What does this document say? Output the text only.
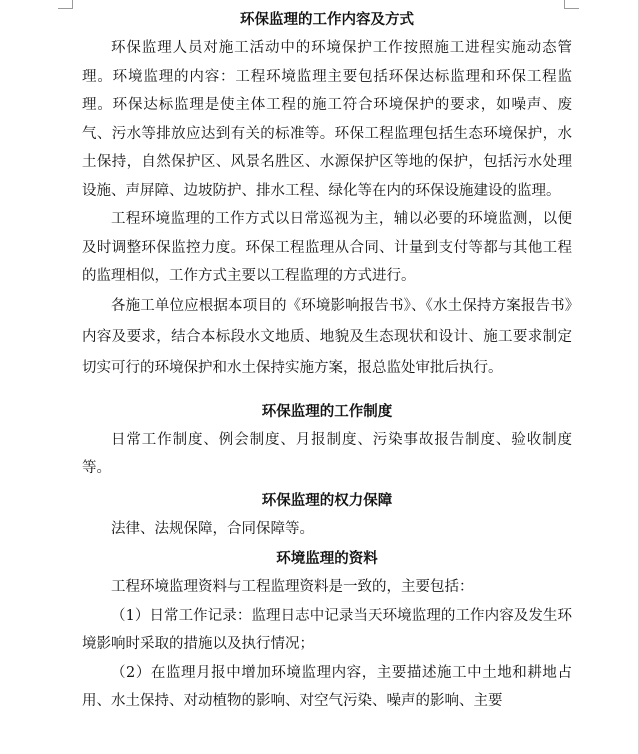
环保监理的工作内容及方式

环保监理人员对施工活动中的环境保护工作按照施工进程实施动态管理。环境监理的内容：工程环境监理主要包括环保达标监理和环保工程监理。环保达标监理是使主体工程的施工符合环境保护的要求，如噪声、废气、污水等排放应达到有关的标准等。环保工程监理包括生态环境保护，水土保持，自然保护区、风景名胜区、水源保护区等地的保护，包括污水处理设施、声屏障、边坡防护、排水工程、绿化等在内的环保设施建设的监理。

工程环境监理的工作方式以日常巡视为主，辅以必要的环境监测，以便及时调整环保监控力度。环保工程监理从合同、计量到支付等都与其他工程的监理相似，工作方式主要以工程监理的方式进行。

各施工单位应根据本项目的《环境影响报告书》、《水土保持方案报告书》内容及要求，结合本标段水文地质、地貌及生态现状和设计、施工要求制定切实可行的环境保护和水土保持实施方案，报总监处审批后执行。

环保监理的工作制度

日常工作制度、例会制度、月报制度、污染事故报告制度、验收制度等。

环保监理的权力保障

法律、法规保障，合同保障等。

环境监理的资料

工程环境监理资料与工程监理资料是一致的，主要包括：

（1）日常工作记录：监理日志中记录当天环境监理的工作内容及发生环境影响时采取的措施以及执行情况；

（2）在监理月报中增加环境监理内容，主要描述施工中土地和耕地占用、水土保持、对动植物的影响、对空气污染、噪声的影响、主要
